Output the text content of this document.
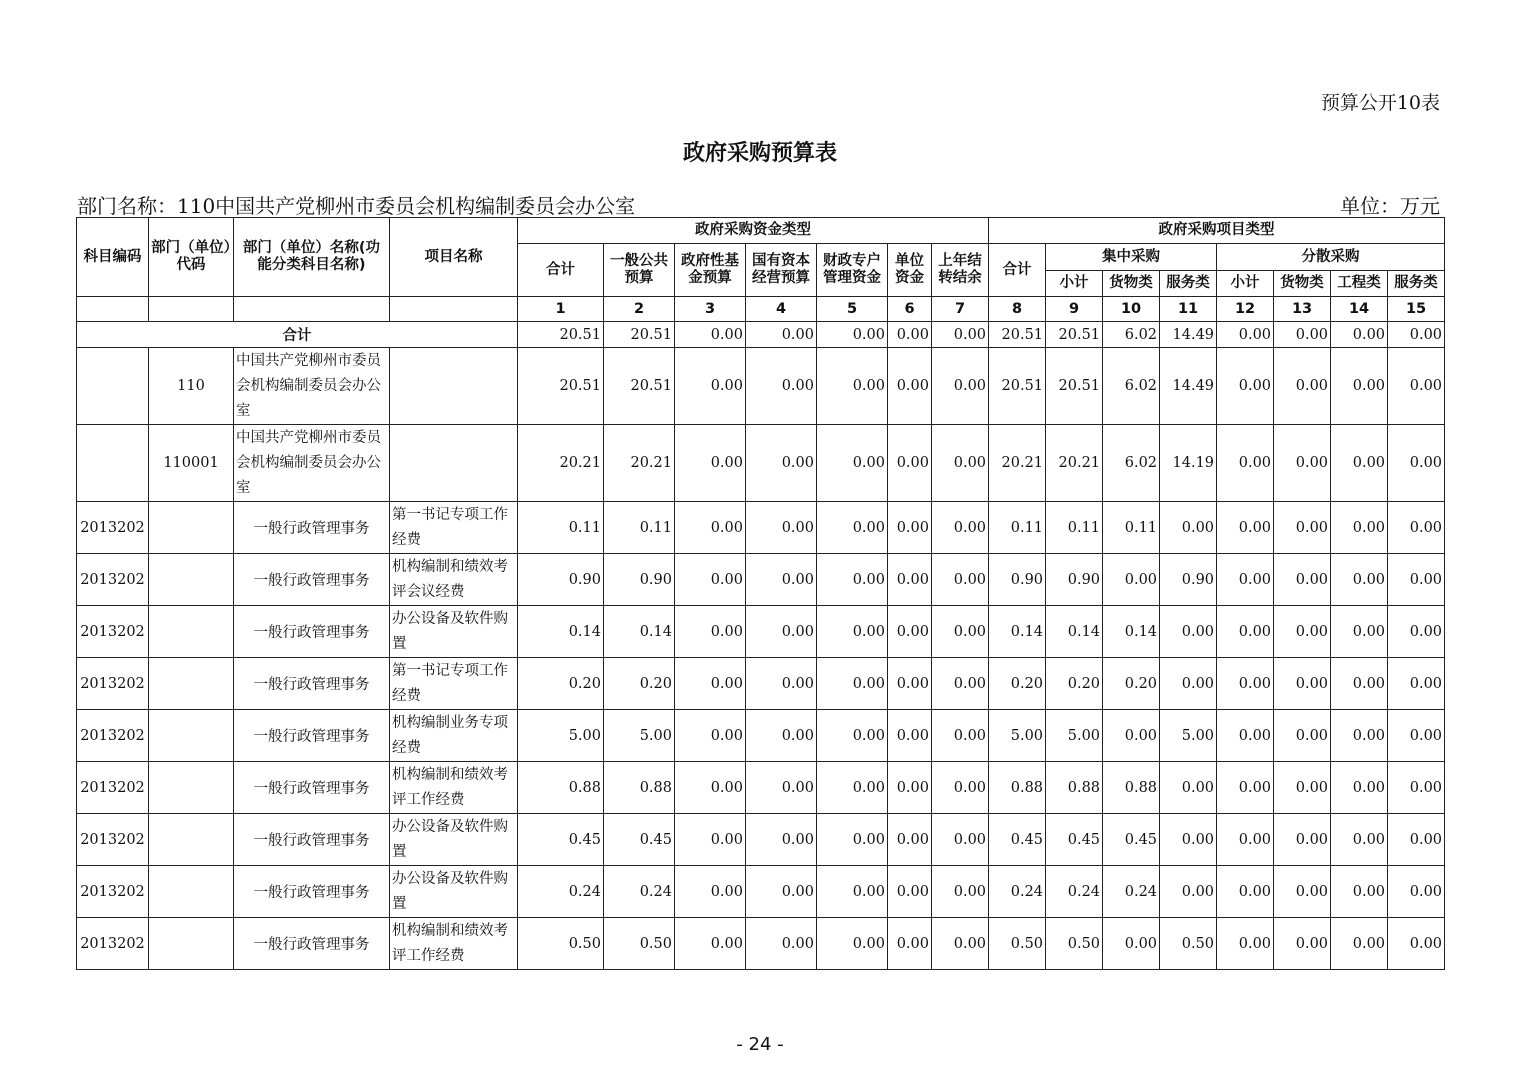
预算公开10表
政府采购预算表
部门名称：110中国共产党柳州市委员会机构编制委员会办公室	单位：万元
科目编码	部门（单位）代码	部门（单位）名称(功能分类科目名称)	项目名称	政府采购资金类型							政府采购项目类型							
				合计	一般公共预算	政府性基金预算	国有资本经营预算	财政专户管理资金	单位资金	上年结转结余	合计	集中采购			分散采购			
												小计	货物类	服务类	小计	货物类	工程类	服务类
				1	2	3	4	5	6	7	8	9	10	11	12	13	14	15
合计				20.51	20.51	0.00	0.00	0.00	0.00	0.00	20.51	20.51	6.02	14.49	0.00	0.00	0.00	0.00
	110	中国共产党柳州市委员会机构编制委员会办公室		20.51	20.51	0.00	0.00	0.00	0.00	0.00	20.51	20.51	6.02	14.49	0.00	0.00	0.00	0.00
	110001	中国共产党柳州市委员会机构编制委员会办公室		20.21	20.21	0.00	0.00	0.00	0.00	0.00	20.21	20.21	6.02	14.19	0.00	0.00	0.00	0.00
2013202		一般行政管理事务	第一书记专项工作经费	0.11	0.11	0.00	0.00	0.00	0.00	0.00	0.11	0.11	0.11	0.00	0.00	0.00	0.00	0.00
2013202		一般行政管理事务	机构编制和绩效考评会议经费	0.90	0.90	0.00	0.00	0.00	0.00	0.00	0.90	0.90	0.00	0.90	0.00	0.00	0.00	0.00
2013202		一般行政管理事务	办公设备及软件购置	0.14	0.14	0.00	0.00	0.00	0.00	0.00	0.14	0.14	0.14	0.00	0.00	0.00	0.00	0.00
2013202		一般行政管理事务	第一书记专项工作经费	0.20	0.20	0.00	0.00	0.00	0.00	0.00	0.20	0.20	0.20	0.00	0.00	0.00	0.00	0.00
2013202		一般行政管理事务	机构编制业务专项经费	5.00	5.00	0.00	0.00	0.00	0.00	0.00	5.00	5.00	0.00	5.00	0.00	0.00	0.00	0.00
2013202		一般行政管理事务	机构编制和绩效考评工作经费	0.88	0.88	0.00	0.00	0.00	0.00	0.00	0.88	0.88	0.88	0.00	0.00	0.00	0.00	0.00
2013202		一般行政管理事务	办公设备及软件购置	0.45	0.45	0.00	0.00	0.00	0.00	0.00	0.45	0.45	0.45	0.00	0.00	0.00	0.00	0.00
2013202		一般行政管理事务	办公设备及软件购置	0.24	0.24	0.00	0.00	0.00	0.00	0.00	0.24	0.24	0.24	0.00	0.00	0.00	0.00	0.00
2013202		一般行政管理事务	机构编制和绩效考评工作经费	0.50	0.50	0.00	0.00	0.00	0.00	0.00	0.50	0.50	0.00	0.50	0.00	0.00	0.00	0.00
- 24 -
